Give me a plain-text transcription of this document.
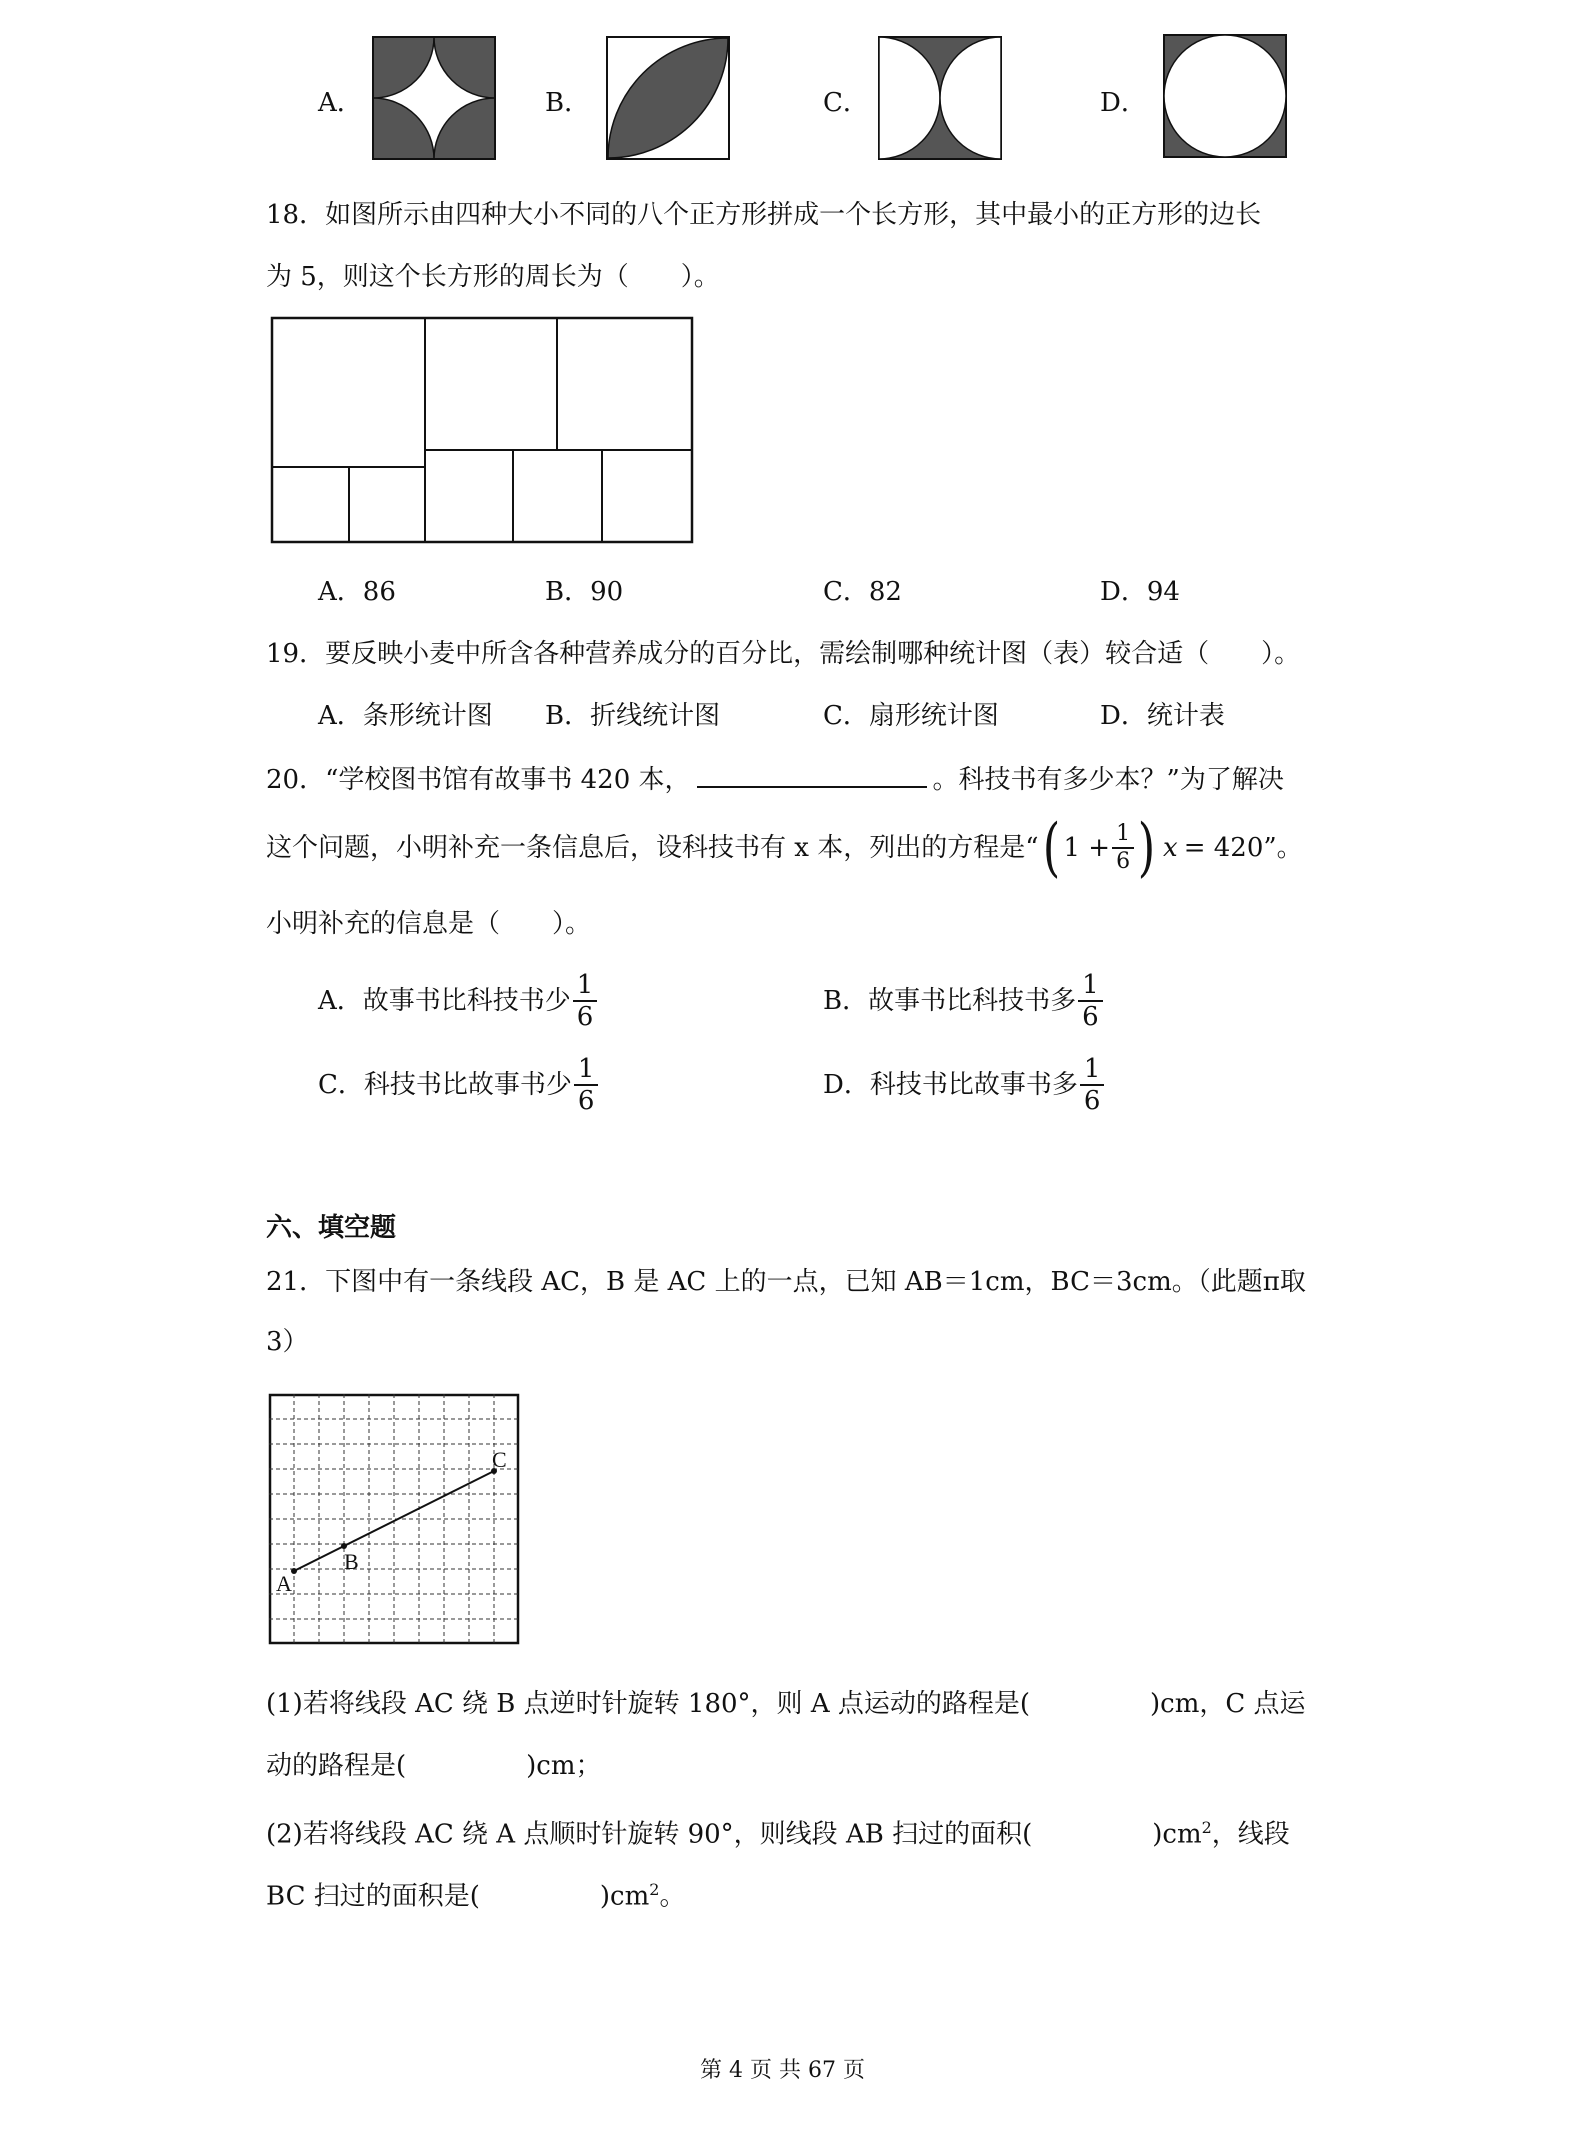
A．	B．	C．	D．
18．如图所示由四种大小不同的八个正方形拼成一个长方形，其中最小的正方形的边长
为 5，则这个长方形的周长为（　　）。
A．86	B．90	C．82	D．94
19．要反映小麦中所含各种营养成分的百分比，需绘制哪种统计图（表）较合适（　　）。
A．条形统计图 B．折线统计图	C．扇形统计图	D．统计表
20．“学校图书馆有故事书 420 本，	。科技书有多少本？”为了解决
这个问题，小明补充一条信息后，设科技书有 x 本，列出的方程是“ ( $1 + \frac{1}{6}$ ) x = 420 ”。
小明补充的信息是（　　）。
A．故事书比科技书少 $\frac{1}{6}$	B．故事书比科技书多 $\frac{1}{6}$
C．科技书比故事书少 $\frac{1}{6}$	D．科技书比故事书多 $\frac{1}{6}$
六、填空题
21．下图中有一条线段 AC，B 是 AC 上的一点，已知 AB＝1cm，BC＝3cm。（此题π取
3）
A
B
C
(1)若将线段 AC 绕 B 点逆时针旋转 180°，则 A 点运动的路程是(	)cm，C 点运
动的路程是(	)cm；
(2)若将线段 AC 绕 A 点顺时针旋转 90°，则线段 AB 扫过的面积(	)$cm^2$，线段
BC 扫过的面积是(	)$cm^2$。
第 4 页 共 67 页
